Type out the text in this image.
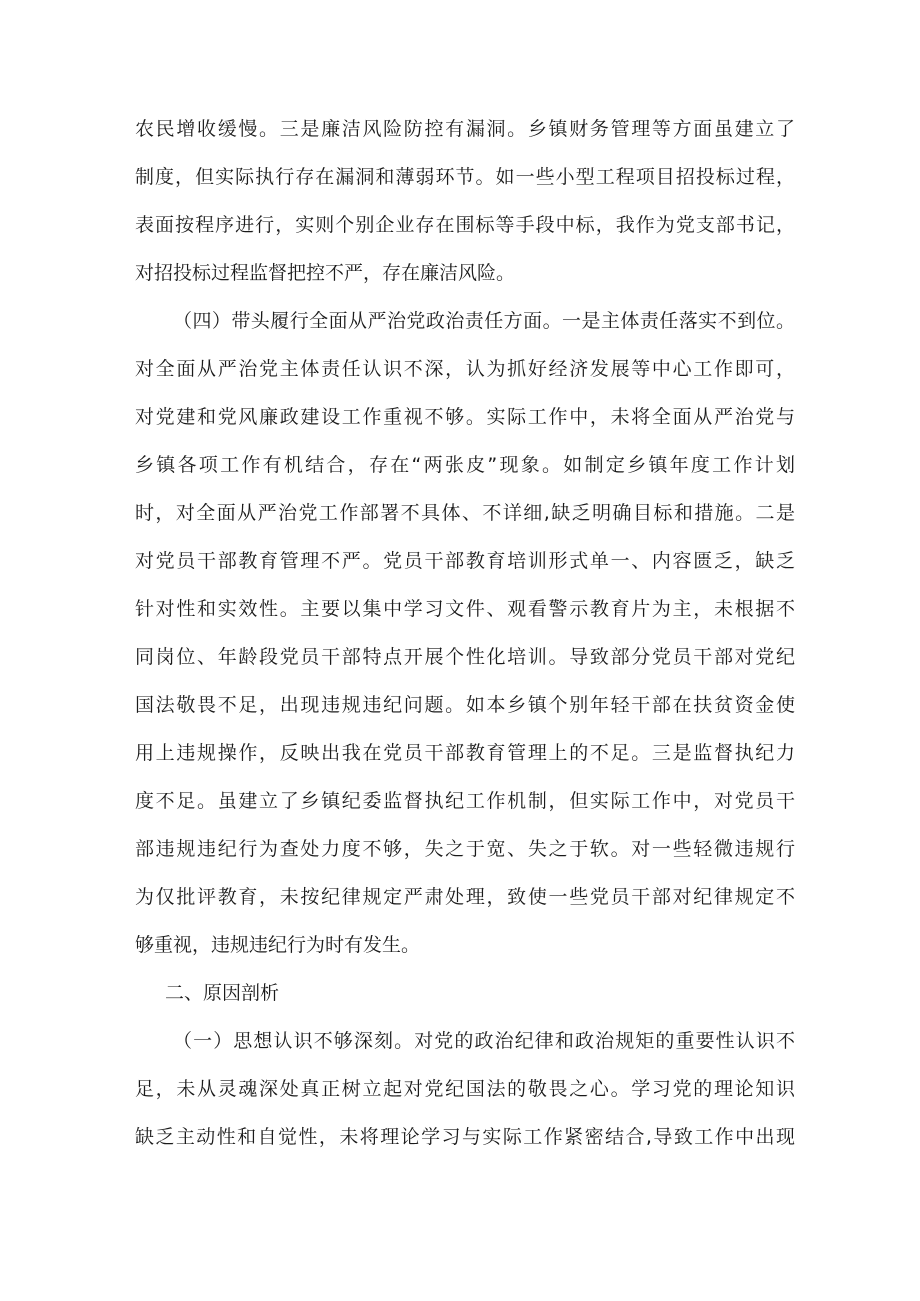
农民增收缓慢。三是廉洁风险防控有漏洞。乡镇财务管理等方面虽建立了
制度，但实际执行存在漏洞和薄弱环节。如一些小型工程项目招投标过程，
表面按程序进行，实则个别企业存在围标等手段中标，我作为党支部书记，
对招投标过程监督把控不严，存在廉洁风险。
（四）带头履行全面从严治党政治责任方面。一是主体责任落实不到位。
对全面从严治党主体责任认识不深，认为抓好经济发展等中心工作即可，
对党建和党风廉政建设工作重视不够。实际工作中，未将全面从严治党与
乡镇各项工作有机结合，存在“两张皮”现象。如制定乡镇年度工作计划
时，对全面从严治党工作部署不具体、不详细,缺乏明确目标和措施。二是
对党员干部教育管理不严。党员干部教育培训形式单一、内容匮乏，缺乏
针对性和实效性。主要以集中学习文件、观看警示教育片为主，未根据不
同岗位、年龄段党员干部特点开展个性化培训。导致部分党员干部对党纪
国法敬畏不足，出现违规违纪问题。如本乡镇个别年轻干部在扶贫资金使
用上违规操作，反映出我在党员干部教育管理上的不足。三是监督执纪力
度不足。虽建立了乡镇纪委监督执纪工作机制，但实际工作中，对党员干
部违规违纪行为查处力度不够，失之于宽、失之于软。对一些轻微违规行
为仅批评教育，未按纪律规定严肃处理，致使一些党员干部对纪律规定不
够重视，违规违纪行为时有发生。
二、原因剖析
（一）思想认识不够深刻。对党的政治纪律和政治规矩的重要性认识不
足，未从灵魂深处真正树立起对党纪国法的敬畏之心。学习党的理论知识
缺乏主动性和自觉性，未将理论学习与实际工作紧密结合,导致工作中出现
